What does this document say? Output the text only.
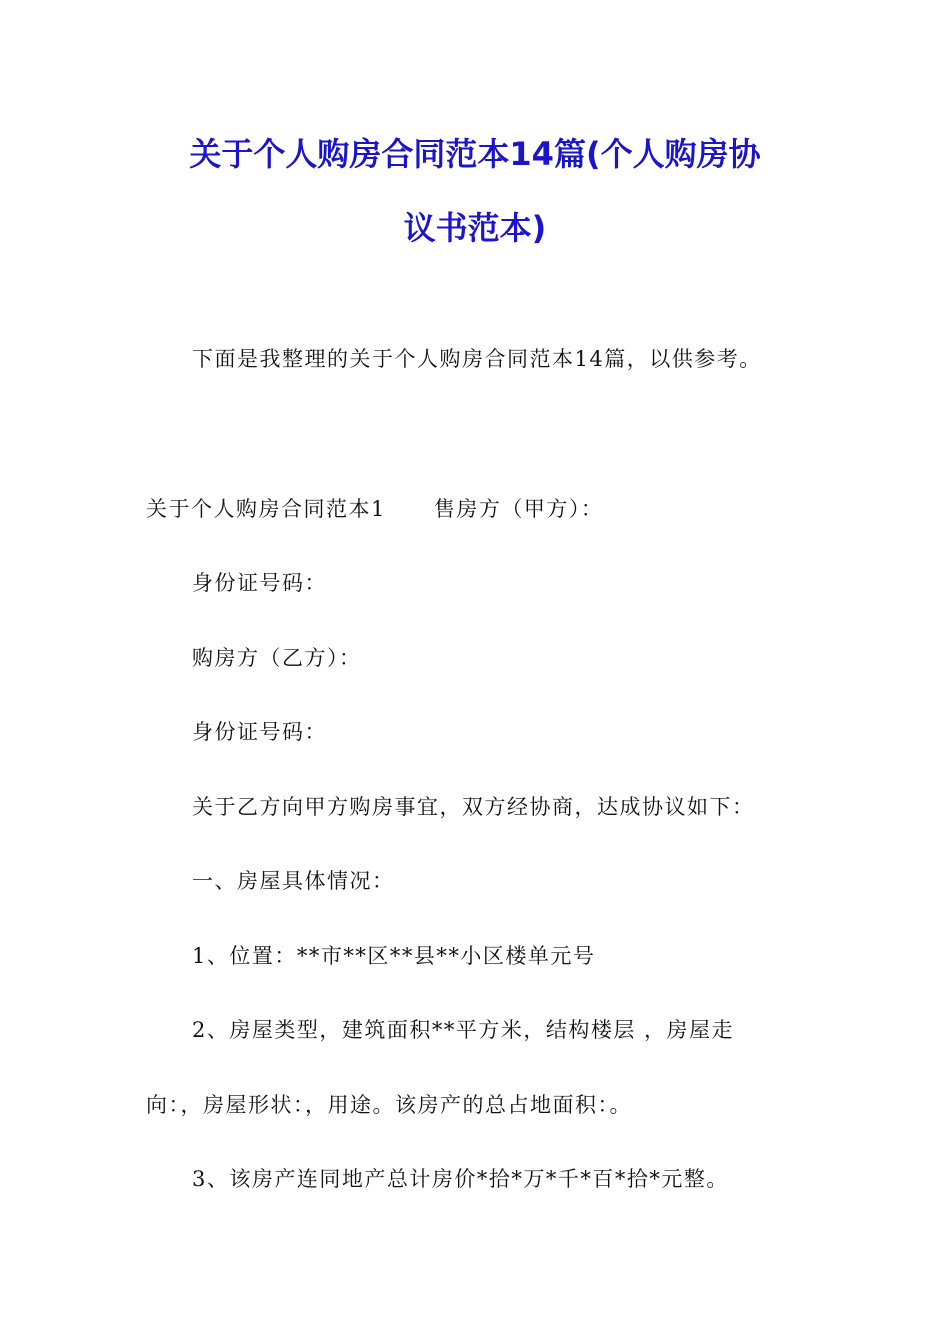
关于个人购房合同范本14篇(个人购房协
议书范本)
下面是我整理的关于个人购房合同范本14篇，以供参考。
关于个人购房合同范本1 售房方（甲方）：
身份证号码：
购房方（乙方）：
身份证号码：
关于乙方向甲方购房事宜，双方经协商，达成协议如下：
一、房屋具体情况：
1、位置：**市**区**县**小区楼单元号
2、房屋类型，建筑面积**平方米，结构楼层 ，房屋走
向：，房屋形状：，用途。该房产的总占地面积：。
3、该房产连同地产总计房价*拾*万*千*百*拾*元整。
